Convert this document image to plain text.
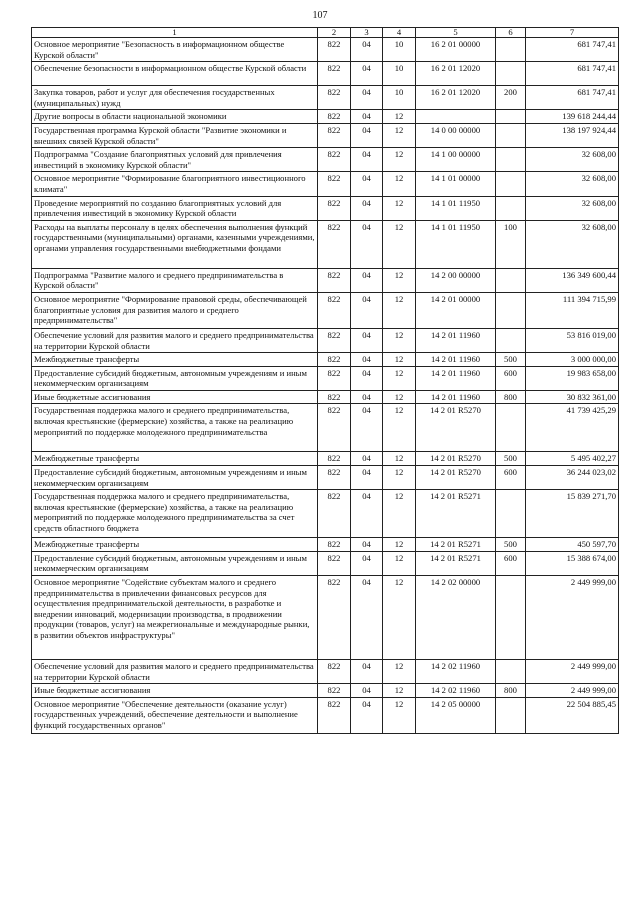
107
1	2	3	4	5	6	7
Основное мероприятие "Безопасность в информационном обществе Курской области"	822	04	10	16 2 01 00000		681 747,41
Обеспечение безопасности в информационном обществе Курской области	822	04	10	16 2 01 12020		681 747,41
Закупка товаров, работ и услуг для обеспечения государственных (муниципальных) нужд	822	04	10	16 2 01 12020	200	681 747,41
Другие вопросы в области национальной экономики	822	04	12			139 618 244,44
Государственная программа Курской области "Развитие экономики и внешних связей Курской области"	822	04	12	14 0 00 00000		138 197 924,44
Подпрограмма "Создание благоприятных условий для привлечения инвестиций в экономику Курской области"	822	04	12	14 1 00 00000		32 608,00
Основное мероприятие "Формирование благоприятного инвестиционного климата"	822	04	12	14 1 01 00000		32 608,00
Проведение мероприятий по созданию благоприятных условий для привлечения инвестиций в экономику Курской области	822	04	12	14 1 01 11950		32 608,00
Расходы на выплаты персоналу в целях обеспечения выполнения функций государственными (муниципальными) органами, казенными учреждениями, органами управления государственными внебюджетными фондами	822	04	12	14 1 01 11950	100	32 608,00
Подпрограмма "Развитие малого и среднего предпринимательства в Курской области"	822	04	12	14 2 00 00000		136 349 600,44
Основное мероприятие "Формирование правовой среды, обеспечивающей благоприятные условия для развития малого и среднего предпринимательства"	822	04	12	14 2 01 00000		111 394 715,99
Обеспечение условий для развития малого и среднего предпринимательства на территории Курской области	822	04	12	14 2 01 11960		53 816 019,00
Межбюджетные трансферты	822	04	12	14 2 01 11960	500	3 000 000,00
Предоставление субсидий бюджетным, автономным учреждениям и иным некоммерческим организациям	822	04	12	14 2 01 11960	600	19 983 658,00
Иные бюджетные ассигнования	822	04	12	14 2 01 11960	800	30 832 361,00
Государственная поддержка малого и среднего предпринимательства, включая крестьянские (фермерские) хозяйства, а также на реализацию мероприятий по поддержке молодежного предпринимательства	822	04	12	14 2 01 R5270		41 739 425,29
Межбюджетные трансферты	822	04	12	14 2 01 R5270	500	5 495 402,27
Предоставление субсидий бюджетным, автономным учреждениям и иным некоммерческим организациям	822	04	12	14 2 01 R5270	600	36 244 023,02
Государственная поддержка малого и среднего предпринимательства, включая крестьянские (фермерские) хозяйства, а также на реализацию мероприятий по поддержке молодежного предпринимательства за счет средств областного бюджета	822	04	12	14 2 01 R5271		15 839 271,70
Межбюджетные трансферты	822	04	12	14 2 01 R5271	500	450 597,70
Предоставление субсидий бюджетным, автономным учреждениям и иным некоммерческим организациям	822	04	12	14 2 01 R5271	600	15 388 674,00
Основное мероприятие "Содействие субъектам малого и среднего предпринимательства в привлечении финансовых ресурсов для осуществления предпринимательской деятельности, в разработке и внедрении инноваций, модернизации производства, в продвижении продукции (товаров, услуг) на межрегиональные и международные рынки, в развитии объектов инфраструктуры"	822	04	12	14 2 02 00000		2 449 999,00
Обеспечение условий для развития малого и среднего предпринимательства на территории Курской области	822	04	12	14 2 02 11960		2 449 999,00
Иные бюджетные ассигнования	822	04	12	14 2 02 11960	800	2 449 999,00
Основное мероприятие "Обеспечение деятельности (оказание услуг) государственных учреждений, обеспечение деятельности и выполнение функций государственных органов"	822	04	12	14 2 05 00000		22 504 885,45
